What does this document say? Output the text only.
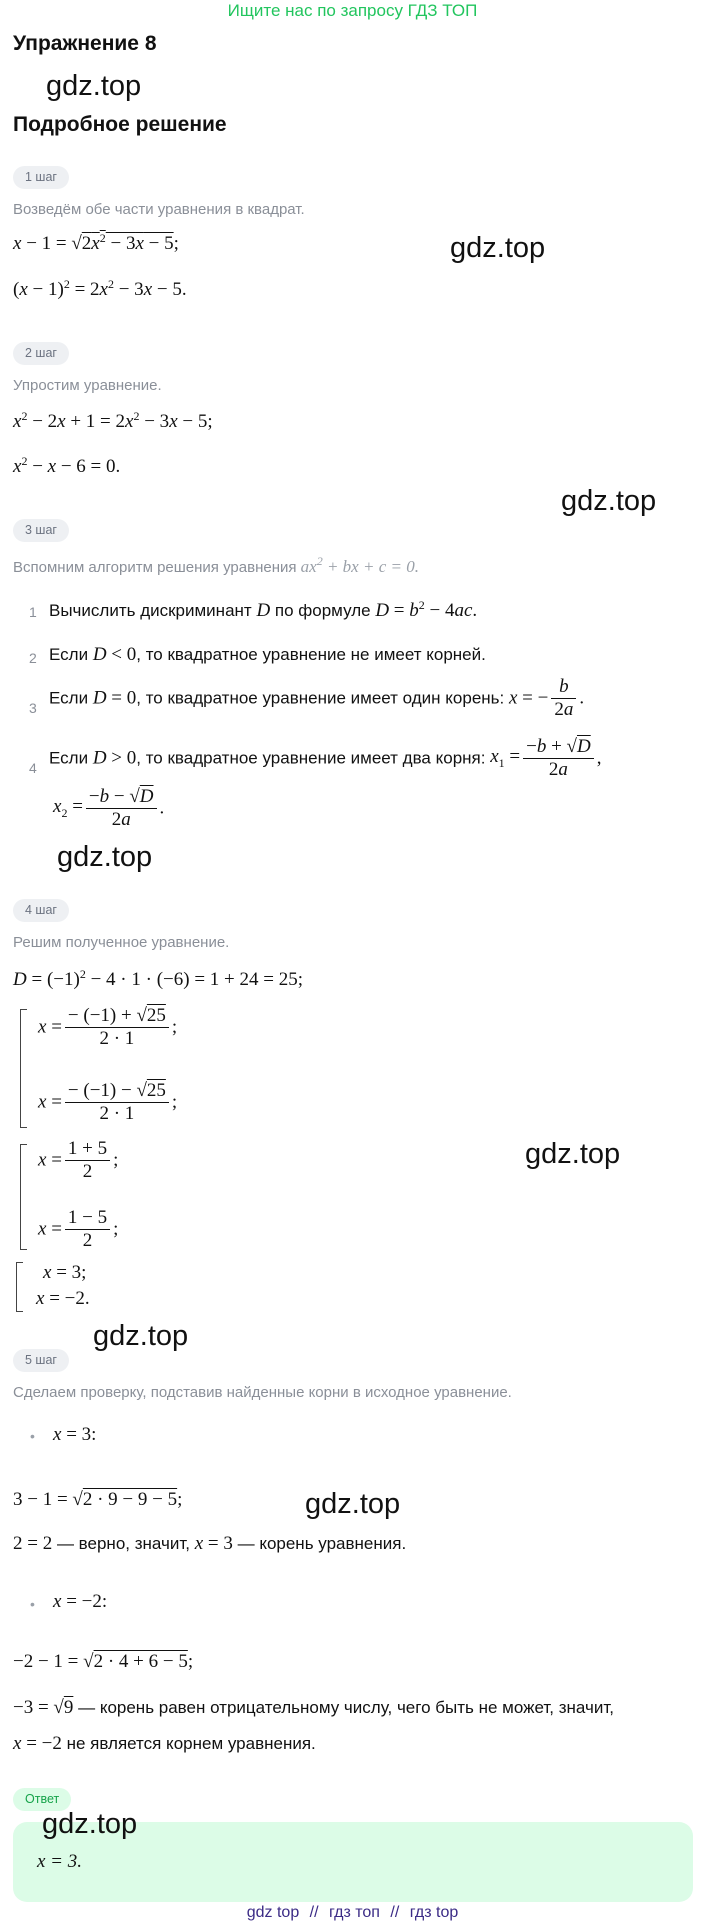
Ищите нас по запросу ГДЗ ТОП
Упражнение 8
gdz.top
Подробное решение
1 шаг
Возведём обе части уравнения в квадрат.
$x - 1 = √2x^2 - 3x - 5$;	gdz.top
$(x - 1)^2 = 2x^2 - 3x - 5$.
2 шаг
Упростим уравнение.
$x^2 - 2x + 1 = 2x^2 - 3x - 5$;
$x^2 - x - 6 = 0$.
gdz.top
3 шаг
Вспомним алгоритм решения уравнения $ax^2$ + bx + c = 0.
1 Вычислить дискриминант D по формуле $D = b^2 - 4ac$.
2 Если D < 0, то квадратное уравнение не имеет корней.
3
Если D = 0, то квадратное уравнение имеет один корень: x = − $\frac{b}{2a}$ .
4
Если D > 0, то квадратное уравнение имеет два корня: $x_1 = \frac{-b + √D}{2a}$ ,
$x_2 = \frac{-b - √D}{2a}$ .
gdz.top
4 шаг
Решим полученное уравнение.
$D = (-1)^2 - 4 \cdot 1 \cdot (-6) = 1 + 24 = 25$;
$x = \frac{- (-1) + √25}{2 \cdot 1}$ ;
$x = \frac{- (-1) - √25}{2 \cdot 1}$ ;
$x = \frac{1 + 5}{2}$ ;
$x = \frac{1 - 5}{2}$ ;
gdz.top
x = 3;
x = −2.
gdz.top
5 шаг
Сделаем проверку, подставив найденные корни в исходное уравнение.
• x = 3:
3 − 1 = √2 · 9 − 9 − 5;	gdz.top
2 = 2 — верно, значит, x = 3 — корень уравнения.
• x = −2:
−2 − 1 = √2 · 4 + 6 − 5;
−3 = √9 — корень равен отрицательному числу, чего быть не может, значит,
x = −2 не является корнем уравнения.
Ответ
gdz.top
x = 3.
gdz top // гдз топ // гдз top
